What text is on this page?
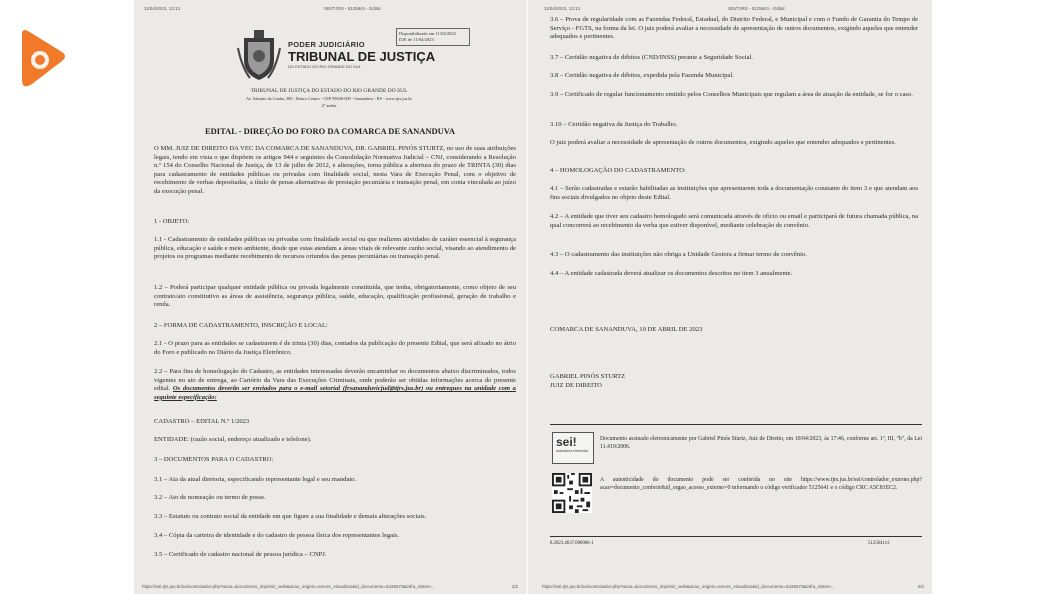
11/04/2023, 13:13	SEI/TJRS - 5125641 - Edital
PODER JUDICIÁRIO
TRIBUNAL DE JUSTIÇA
DO ESTADO DO RIO GRANDE DO SUL
Disponibilizado em 11/04/2023
DJE de 11/04/2023
TRIBUNAL DE JUSTIÇA DO ESTADO DO RIO GRANDE DO SUL
Av. Salzano da Cunha, 300 - Bairro Centro - CEP 99640-000 - Sananduva - RS - www.tjrs.jus.br
2º andar
EDITAL - DIREÇÃO DO FORO DA COMARCA DE SANANDUVA
O MM. JUIZ DE DIREITO DA VEC DA COMARCA DE SANANDUVA, DR. GABRIEL PINÓS STURTZ, no uso de suas atribuições legais, tendo em vista o que dispõem os artigos 944 e seguintes da Consolidação Normativa Judicial – CNJ, considerando a Resolução n.º 154 do Conselho Nacional de Justiça, de 13 de julho de 2012, e alterações, torna pública a abertura do prazo de TRINTA (30) dias para cadastramento de entidades públicas ou privadas com finalidade social, nesta Vara de Execução Penal, com o objetivo de recebimento de verbas depositadas, a título de penas alternativas de prestação pecuniária e transação penal, em conta vinculada ao juízo da execução penal.
1 - OBJETO:
1.1 - Cadastramento de entidades públicas ou privadas com finalidade social ou que realizem atividades de caráter essencial à segurança pública, educação e saúde e meio ambiente, desde que estas atendam a áreas vitais de relevante cunho social, visando ao atendimento de projetos ou programas mediante recebimento de recursos oriundos das penas pecuniárias ou transação penal.
1.2 – Poderá participar qualquer entidade pública ou privada legalmente constituída, que tenha, obrigatoriamente, como objeto de seu contrato/ato constitutivo as áreas de assistência, segurança pública, saúde, educação, qualificação profissional, geração de trabalho e renda.
2 – FORMA DE CADASTRAMENTO, INSCRIÇÃO E LOCAL:
2.1 - O prazo para as entidades se cadastrarem é de trinta (30) dias, contados da publicação do presente Edital, que será afixado no átrio do Foro e publicado no Diário da Justiça Eletrônico.
2.2 – Para fins de homologação do Cadastro, as entidades interessadas deverão encaminhar os documentos abaixo discriminados, todos vigentes no ato de entrega, ao Cartório da Vara das Execuções Criminais, onde poderão ser obtidas informações acerca do presente edital. Os documentos deverão ser enviados para o e-mail setorial (frsananduvicjud@tjrs.jus.br) ou entregues na unidade com a seguinte especificação:
CADASTRO – EDITAL N.º 1/2023
ENTIDADE: (razão social, endereço atualizado e telefone).
3 – DOCUMENTOS PARA O CADASTRO:
3.1 – Ata da atual diretoria, especificando representante legal e seu mandato.
3.2 – Ato de nomeação ou termo de posse.
3.3 – Estatuto ou contrato social da entidade em que figure a sua finalidade e demais alterações sociais.
3.4 – Cópia da carteira de identidade e do cadastro de pessoa física dos representantes legais.
3.5 – Certificado de cadastro nacional de pessoa jurídica – CNPJ.
https://sei.tjrs.jus.br/sei/controlador.php?acao=documento_imprimir_web&acao_origem=arvore_visualizar&id_documento=5426573&infra_sistem...	1/2
11/04/2023, 13:13	SEI/TJRS - 5125641 - Edital
3.6 – Prova de regularidade com as Fazendas Federal, Estadual, do Distrito Federal, e Municipal e com o Fundo de Garantia do Tempo de Serviço - FGTS, na forma da lei. O juiz poderá avaliar a necessidade de apresentação de outros documentos, exigindo aqueles que entender adequados e pertinentes.
3.7 – Certidão negativa de débitos (CND/INSS) perante a Seguridade Social.
3.8 – Certidão negativa de débitos, expedida pela Fazenda Municipal.
3.9 – Certificado de regular funcionamento emitido pelos Conselhos Municipais que regulam a área de atuação da entidade, se for o caso.
3.10 – Certidão negativa da Justiça do Trabalho.
O juiz poderá avaliar a necessidade de apresentação de outros documentos, exigindo aqueles que entender adequados e pertinentes.
4 – HOMOLOGAÇÃO DO CADASTRAMENTO:
4.1 – Serão cadastradas e estarão habilitadas as instituições que apresentarem toda a documentação constante do item 3 e que atendam aos fins sociais divulgados no objeto deste Edital.
4.2 – A entidade que tiver seu cadastro homologado será comunicada através de ofício ou email e participará de futura chamada pública, na qual concorrerá ao recebimento da verba que estiver disponível, mediante celebração de convênio.
4.3 – O cadastramento das instituições não obriga a Unidade Gestora a firmar termo de convênio.
4.4 – A entidade cadastrada deverá atualizar os documentos descritos no item 3 anualmente.
COMARCA DE SANANDUVA, 10 DE ABRIL DE 2023
GABRIEL PINÓS STURTZ
JUIZ DE DIREITO
sei!
assinatura eletrônica
Documento assinado eletronicamente por Gabriel Pinós Sturtz, Juiz de Direito, em 10/04/2023, às 17:46, conforme art. 1º, III, "b", da Lei 11.419/2006.
A autenticidade do documento pode ser conferida no site https://www.tjrs.jus.br/sei/controlador_externo.php?acao=documento_conferir&id_orgao_acesso_externo=0 informando o código verificador 5125641 e o código CRC A5C81EC2.
8.2023.4637.000006-1	5125641v2
https://sei.tjrs.jus.br/sei/controlador.php?acao=documento_imprimir_web&acao_origem=arvore_visualizar&id_documento=5426573&infra_sistem...	2/2
